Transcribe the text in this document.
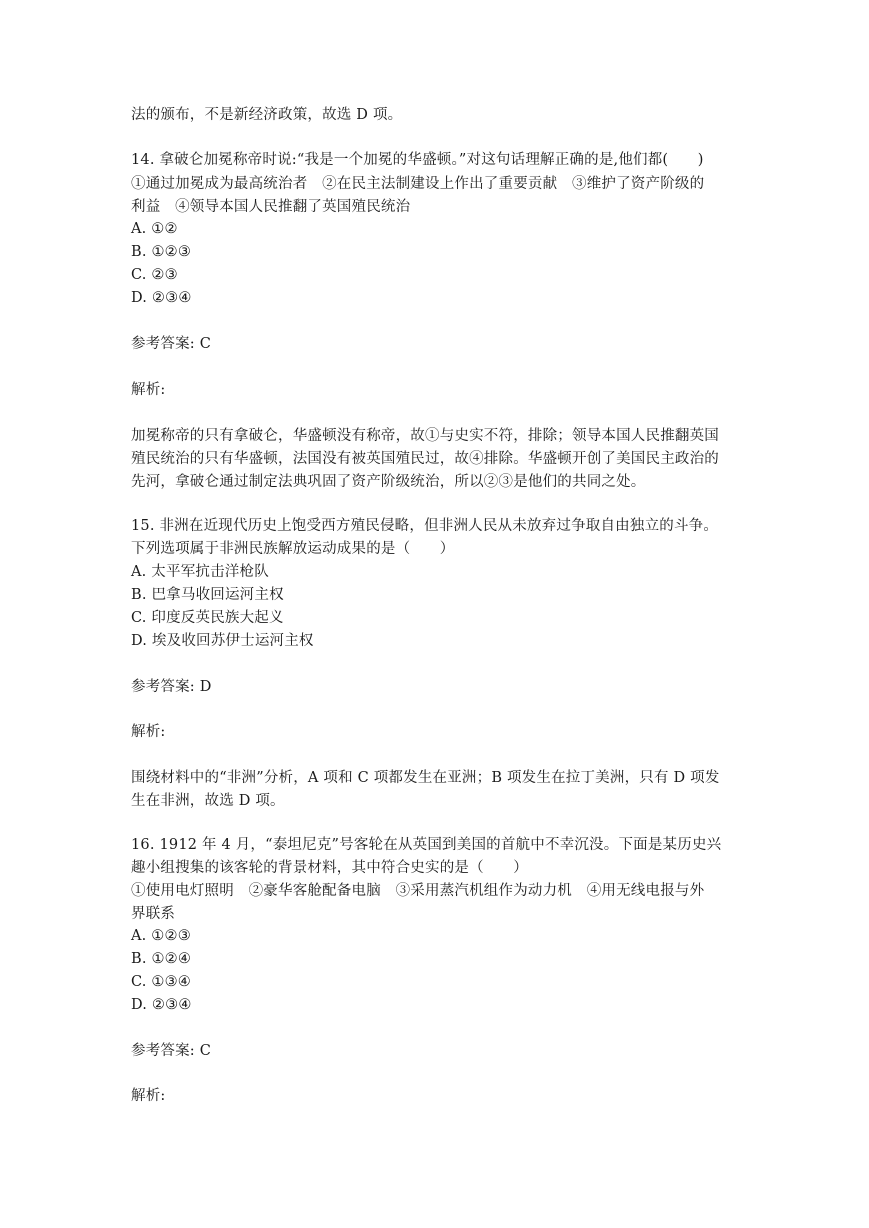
法的颁布，不是新经济政策，故选 D 项。
14. 拿破仑加冕称帝时说:“我是一个加冕的华盛顿。”对这句话理解正确的是,他们都(　　)
①通过加冕成为最高统治者　②在民主法制建设上作出了重要贡献　③维护了资产阶级的
利益　④领导本国人民推翻了英国殖民统治
A. ①②
B. ①②③
C. ②③
D. ②③④
参考答案: C
解析:
加冕称帝的只有拿破仑，华盛顿没有称帝，故①与史实不符，排除；领导本国人民推翻英国
殖民统治的只有华盛顿，法国没有被英国殖民过，故④排除。华盛顿开创了美国民主政治的
先河，拿破仑通过制定法典巩固了资产阶级统治，所以②③是他们的共同之处。
15. 非洲在近现代历史上饱受西方殖民侵略，但非洲人民从未放弃过争取自由独立的斗争。
下列选项属于非洲民族解放运动成果的是（　　）
A. 太平军抗击洋枪队
B. 巴拿马收回运河主权
C. 印度反英民族大起义
D. 埃及收回苏伊士运河主权
参考答案: D
解析:
围绕材料中的“非洲”分析，A 项和 C 项都发生在亚洲；B 项发生在拉丁美洲，只有 D 项发
生在非洲，故选 D 项。
16. 1912 年 4 月，“泰坦尼克”号客轮在从英国到美国的首航中不幸沉没。下面是某历史兴
趣小组搜集的该客轮的背景材料，其中符合史实的是（　　）
①使用电灯照明　②豪华客舱配备电脑　③采用蒸汽机组作为动力机　④用无线电报与外
界联系
A. ①②③
B. ①②④
C. ①③④
D. ②③④
参考答案: C
解析:
